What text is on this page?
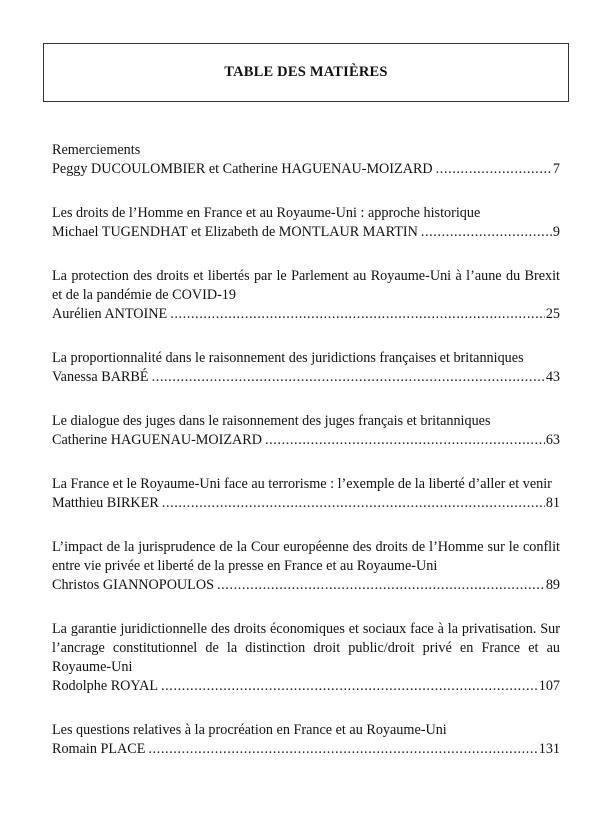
TABLE DES MATIÈRES
Remerciements
Peggy DUCOULOMBIER et Catherine HAGUENAU-MOIZARD .....	7
Les droits de l’Homme en France et au Royaume-Uni : approche historique
Michael TUGENDHAT et Elizabeth de MONTLAUR MARTIN .....	9
La protection des droits et libertés par le Parlement au Royaume-Uni à l’aune du Brexit et de la pandémie de COVID-19
Aurélien ANTOINE .....	25
La proportionnalité dans le raisonnement des juridictions françaises et britanniques
Vanessa BARBÉ .....	43
Le dialogue des juges dans le raisonnement des juges français et britanniques
Catherine HAGUENAU-MOIZARD .....	63
La France et le Royaume-Uni face au terrorisme : l’exemple de la liberté d’aller et venir
Matthieu BIRKER .....	81
L’impact de la jurisprudence de la Cour européenne des droits de l’Homme sur le conflit entre vie privée et liberté de la presse en France et au Royaume-Uni
Christos GIANNOPOULOS .....	89
La garantie juridictionnelle des droits économiques et sociaux face à la privatisation. Sur l’ancrage constitutionnel de la distinction droit public/droit privé en France et au Royaume-Uni
Rodolphe ROYAL .....	107
Les questions relatives à la procréation en France et au Royaume-Uni
Romain PLACE .....	131
